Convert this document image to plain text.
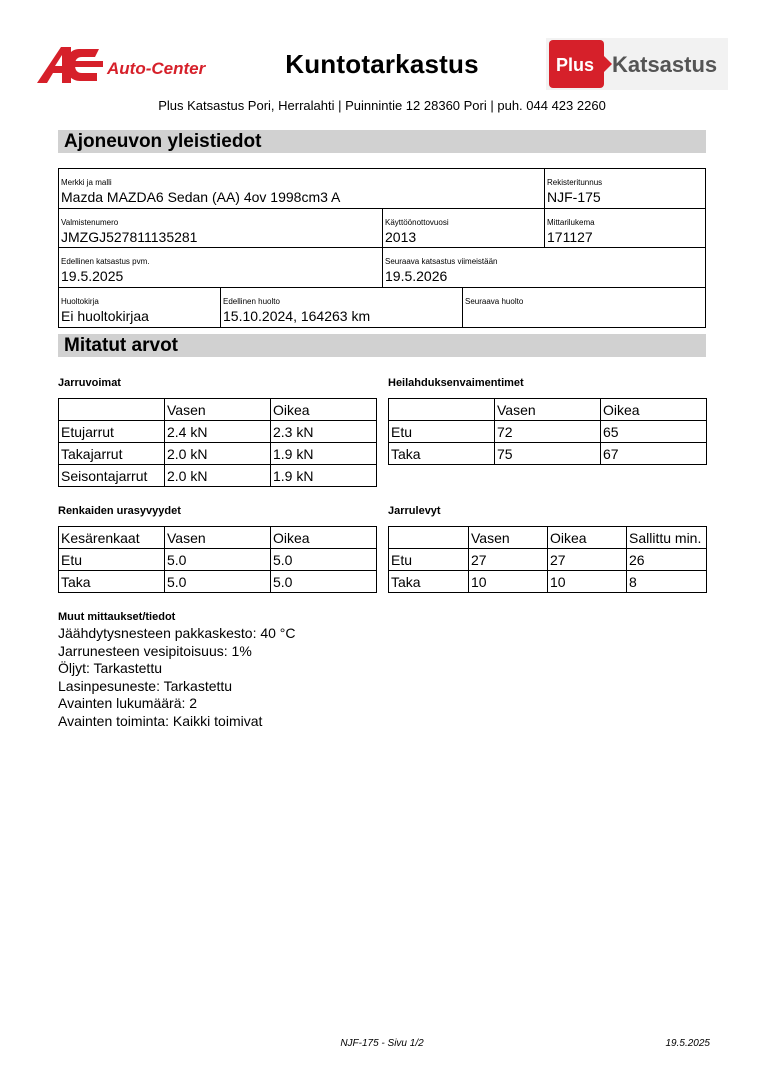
Auto-Center	Kuntotarkastus	Plus Katsastus
Plus Katsastus Pori, Herralahti | Puinnintie 12 28360 Pori | puh. 044 423 2260
Ajoneuvon yleistiedot
Merkki ja malli
Mazda MAZDA6 Sedan (AA) 4ov 1998cm3 A
Rekisteritunnus
NJF-175
Valmistenumero
JMZGJ527811135281
Käyttöönottovuosi
2013
Mittarilukema
171127
Edellinen katsastus pvm.
19.5.2025
Seuraava katsastus viimeistään
19.5.2026
Huoltokirja
Ei huoltokirjaa
Edellinen huolto
15.10.2024, 164263 km
Seuraava huolto
Mitatut arvot
Jarruvoimat
	Vasen	Oikea
Etujarrut	2.4 kN	2.3 kN
Takajarrut	2.0 kN	1.9 kN
Seisontajarrut	2.0 kN	1.9 kN
Heilahduksenvaimentimet
	Vasen	Oikea
Etu	72	65
Taka	75	67
Renkaiden urasyvyydet
Kesärenkaat	Vasen	Oikea
Etu	5.0	5.0
Taka	5.0	5.0
Jarrulevyt
	Vasen	Oikea	Sallittu min.
Etu	27	27	26
Taka	10	10	8
Muut mittaukset/tiedot
Jäähdytysnesteen pakkaskesto: 40 °C
Jarrunesteen vesipitoisuus: 1%
Öljyt: Tarkastettu
Lasinpesuneste: Tarkastettu
Avainten lukumäärä: 2
Avainten toiminta: Kaikki toimivat
NJF-175 - Sivu 1/2	19.5.2025
